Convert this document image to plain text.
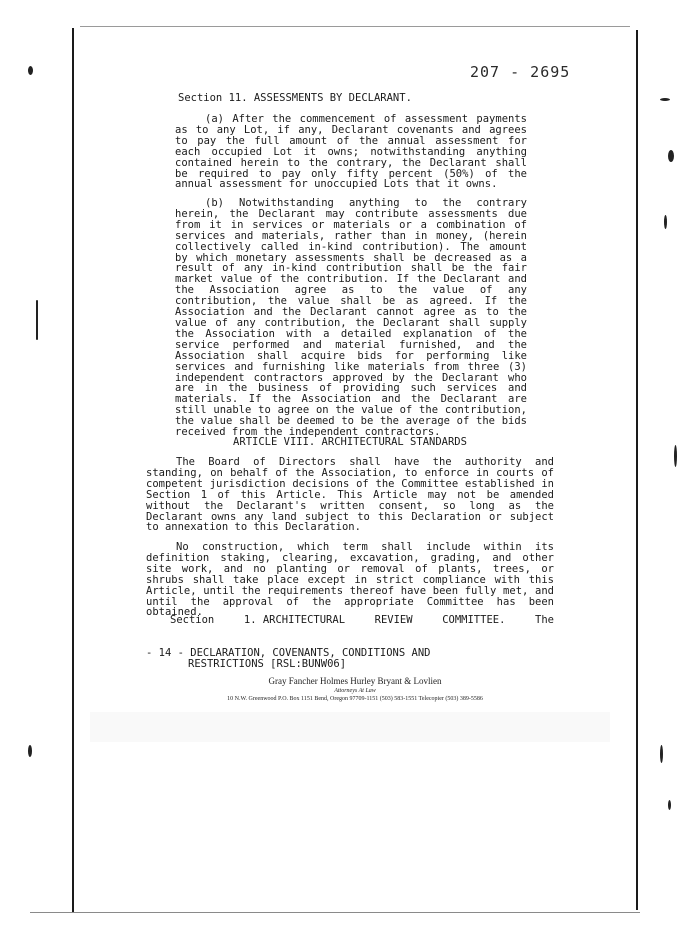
207 - 2695
Section 11. ASSESSMENTS BY DECLARANT.

(a) After the commencement of assessment payments as to any Lot, if any, Declarant covenants and agrees to pay the full amount of the annual assessment for each occupied Lot it owns; notwithstanding anything contained herein to the contrary, the Declarant shall be required to pay only fifty percent (50%) of the annual assessment for unoccupied Lots that it owns.

(b) Notwithstanding anything to the contrary herein, the Declarant may contribute assessments due from it in services or materials or a combination of services and materials, rather than in money, (herein collectively called in-kind contribution). The amount by which monetary assessments shall be decreased as a result of any in-kind contribution shall be the fair market value of the contribution. If the Declarant and the Association agree as to the value of any contribution, the value shall be as agreed. If the Association and the Declarant cannot agree as to the value of any contribution, the Declarant shall supply the Association with a detailed explanation of the service performed and material furnished, and the Association shall acquire bids for performing like services and furnishing like materials from three (3) independent contractors approved by the Declarant who are in the business of providing such services and materials. If the Association and the Declarant are still unable to agree on the value of the contribution, the value shall be deemed to be the average of the bids received from the independent contractors.

ARTICLE VIII. ARCHITECTURAL STANDARDS

The Board of Directors shall have the authority and standing, on behalf of the Association, to enforce in courts of competent jurisdiction decisions of the Committee established in Section 1 of this Article. This Article may not be amended without the Declarant's written consent, so long as the Declarant owns any land subject to this Declaration or subject to annexation to this Declaration.

No construction, which term shall include within its definition staking, clearing, excavation, grading, and other site work, and no planting or removal of plants, trees, or shrubs shall take place except in strict compliance with this Article, until the requirements thereof have been fully met, and until the approval of the appropriate Committee has been obtained.

Section	1. ARCHITECTURAL	REVIEW	COMMITTEE.	The
- 14 - DECLARATION, COVENANTS, CONDITIONS AND
RESTRICTIONS [RSL:BUNW06]
Gray Fancher Holmes Hurley Bryant & Lovlien
Attorneys At Law
10 N.W. Greenwood P.O. Box 1151 Bend, Oregon 97709-1151 (503) 583-1551 Telecopier (503) 389-5586
